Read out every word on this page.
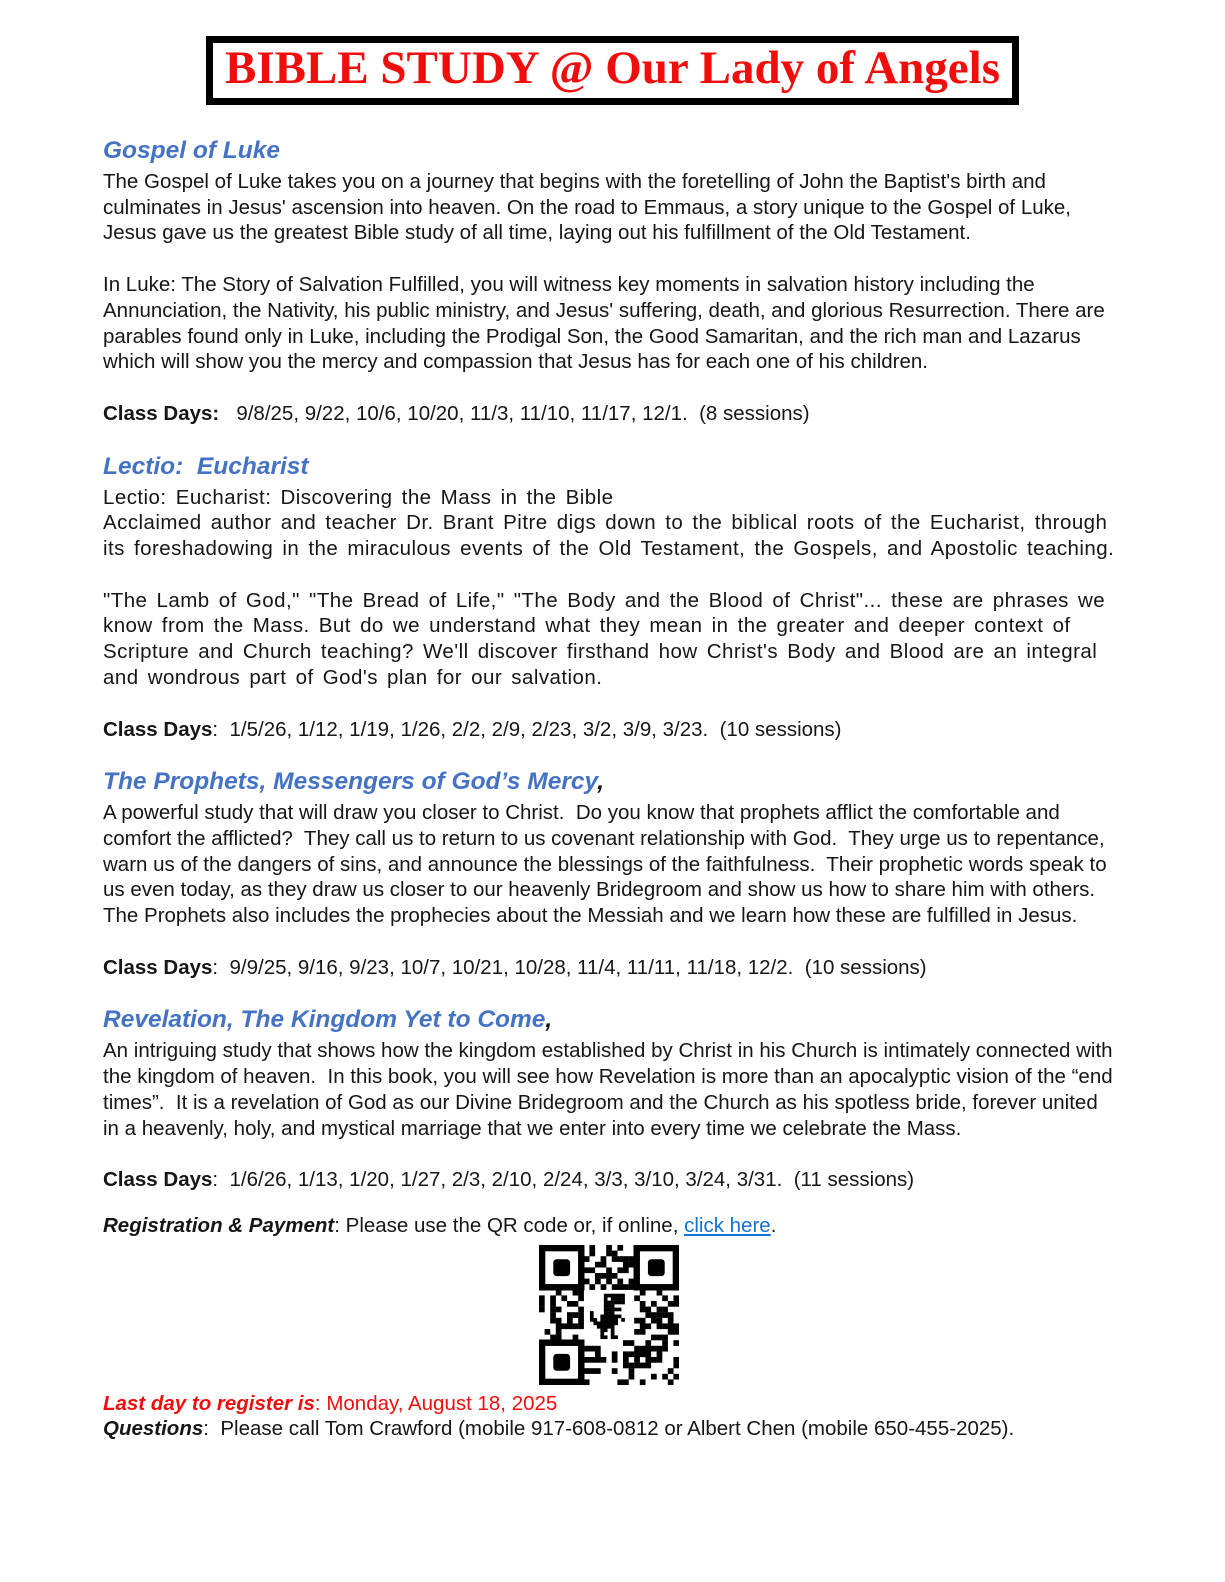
BIBLE STUDY @ Our Lady of Angels
Gospel of Luke

The Gospel of Luke takes you on a journey that begins with the foretelling of John the Baptist's birth and culminates in Jesus' ascension into heaven. On the road to Emmaus, a story unique to the Gospel of Luke, Jesus gave us the greatest Bible study of all time, laying out his fulfillment of the Old Testament.

In Luke: The Story of Salvation Fulfilled, you will witness key moments in salvation history including the Annunciation, the Nativity, his public ministry, and Jesus' suffering, death, and glorious Resurrection. There are parables found only in Luke, including the Prodigal Son, the Good Samaritan, and the rich man and Lazarus which will show you the mercy and compassion that Jesus has for each one of his children.

Class Days:   9/8/25, 9/22, 10/6, 10/20, 11/3, 11/10, 11/17, 12/1.  (8 sessions)

Lectio:  Eucharist

Lectio: Eucharist: Discovering the Mass in the Bible

Acclaimed author and teacher Dr. Brant Pitre digs down to the biblical roots of the Eucharist, through its foreshadowing in the miraculous events of the Old Testament, the Gospels, and Apostolic teaching.

"The Lamb of God," "The Bread of Life," "The Body and the Blood of Christ"... these are phrases we know from the Mass. But do we understand what they mean in the greater and deeper context of Scripture and Church teaching? We'll discover firsthand how Christ's Body and Blood are an integral and wondrous part of God's plan for our salvation.

Class Days:  1/5/26, 1/12, 1/19, 1/26, 2/2, 2/9, 2/23, 3/2, 3/9, 3/23.  (10 sessions)

The Prophets, Messengers of God’s Mercy,

A powerful study that will draw you closer to Christ.  Do you know that prophets afflict the comfortable and comfort the afflicted?  They call us to return to us covenant relationship with God.  They urge us to repentance, warn us of the dangers of sins, and announce the blessings of the faithfulness.  Their prophetic words speak to us even today, as they draw us closer to our heavenly Bridegroom and show us how to share him with others.  The Prophets also includes the prophecies about the Messiah and we learn how these are fulfilled in Jesus.

Class Days:  9/9/25, 9/16, 9/23, 10/7, 10/21, 10/28, 11/4, 11/11, 11/18, 12/2.  (10 sessions)

Revelation, The Kingdom Yet to Come,

An intriguing study that shows how the kingdom established by Christ in his Church is intimately connected with the kingdom of heaven.  In this book, you will see how Revelation is more than an apocalyptic vision of the “end times”.  It is a revelation of God as our Divine Bridegroom and the Church as his spotless bride, forever united in a heavenly, holy, and mystical marriage that we enter into every time we celebrate the Mass.

Class Days:  1/6/26, 1/13, 1/20, 1/27, 2/3, 2/10, 2/24, 3/3, 3/10, 3/24, 3/31.  (11 sessions)

Registration & Payment: Please use the QR code or, if online, click here.

Last day to register is: Monday, August 18, 2025

Questions:  Please call Tom Crawford (mobile 917-608-0812 or Albert Chen (mobile 650-455-2025).
